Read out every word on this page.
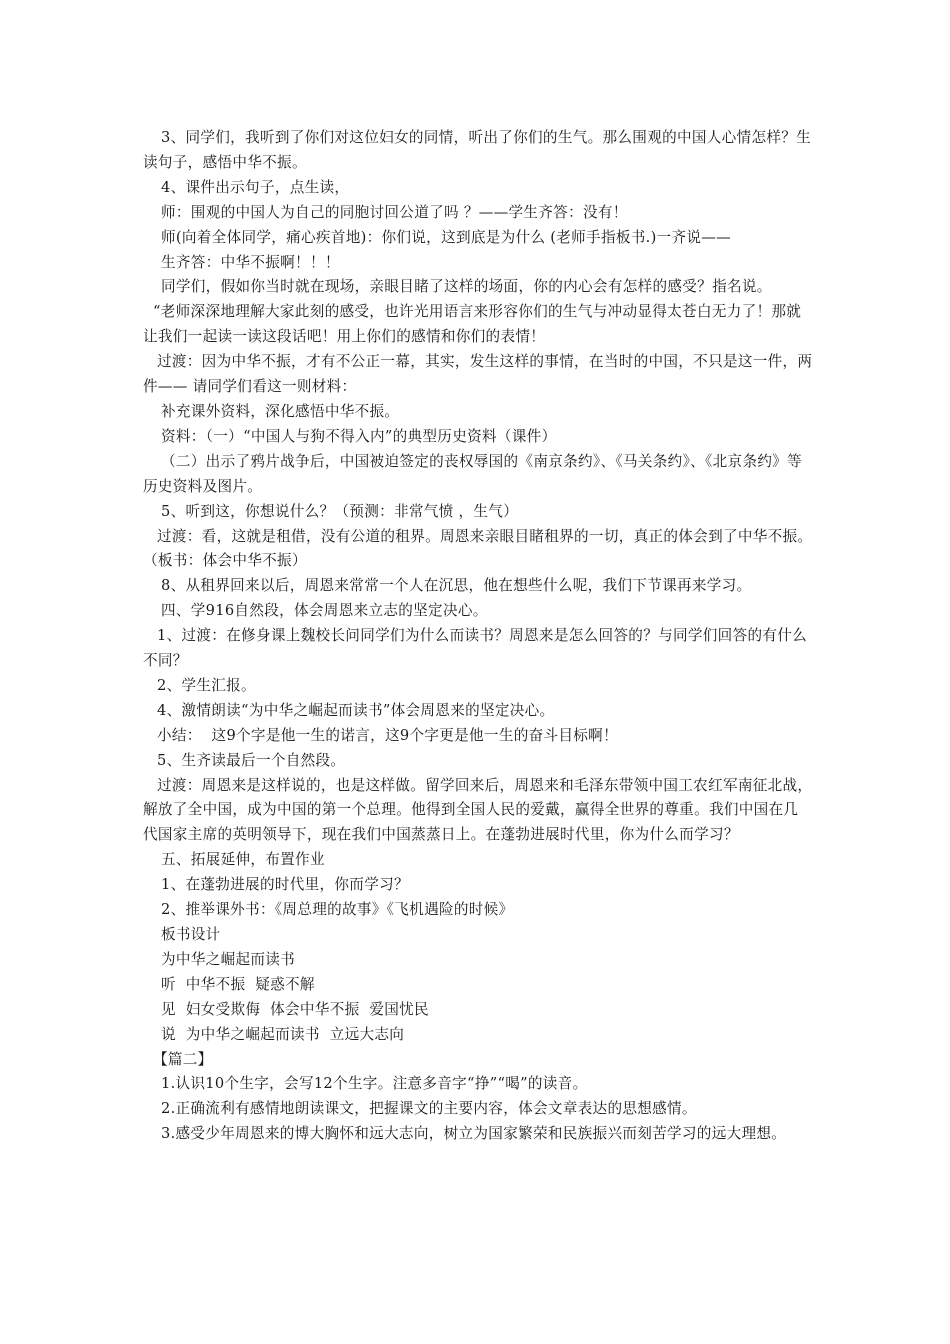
3、同学们，我听到了你们对这位妇女的同情，听出了你们的生气。那么围观的中国人心情怎样？生读句子，感悟中华不振。

4、课件出示句子，点生读，

师：围观的中国人为自己的同胞讨回公道了吗 ？——学生齐答：没有！

师(向着全体同学，痛心疾首地)：你们说，这到底是为什么 (老师手指板书.)一齐说——

生齐答：中华不振啊！！！

同学们，假如你当时就在现场，亲眼目睹了这样的场面，你的内心会有怎样的感受？指名说。

“老师深深地理解大家此刻的感受，也许光用语言来形容你们的生气与冲动显得太苍白无力了！那就让我们一起读一读这段话吧！用上你们的感情和你们的表情！

过渡：因为中华不振，才有不公正一幕，其实，发生这样的事情，在当时的中国，不只是这一件，两件—— 请同学们看这一则材料：

补充课外资料，深化感悟中华不振。

资料：（一）“中国人与狗不得入内”的典型历史资料（课件）

（二）出示了鸦片战争后，中国被迫签定的丧权辱国的《南京条约》、《马关条约》、《北京条约》等历史资料及图片。

5、听到这，你想说什么？（预测：非常气愤 ，生气）

过渡：看，这就是租借，没有公道的租界。周恩来亲眼目睹租界的一切，真正的体会到了中华不振。（板书：体会中华不振）

8、从租界回来以后，周恩来常常一个人在沉思，他在想些什么呢，我们下节课再来学习。

四、学916自然段，体会周恩来立志的坚定决心。

1、过渡：在修身课上魏校长问同学们为什么而读书？周恩来是怎么回答的？与同学们回答的有什么不同？

2、学生汇报。

4、激情朗读“为中华之崛起而读书”体会周恩来的坚定决心。

小结：  这9个字是他一生的诺言，这9个字更是他一生的奋斗目标啊！

5、生齐读最后一个自然段。

过渡：周恩来是这样说的，也是这样做。留学回来后，周恩来和毛泽东带领中国工农红军南征北战，解放了全中国，成为中国的第一个总理。他得到全国人民的爱戴，赢得全世界的尊重。我们中国在几代国家主席的英明领导下，现在我们中国蒸蒸日上。在蓬勃进展时代里，你为什么而学习？

五、拓展延伸，布置作业

1、在蓬勃进展的时代里，你而学习？

2、推举课外书：《周总理的故事》《飞机遇险的时候》

板书设计

为中华之崛起而读书

听  中华不振  疑惑不解

见  妇女受欺侮  体会中华不振  爱国忧民

说  为中华之崛起而读书  立远大志向

【篇二】

1.认识10个生字，会写12个生字。注意多音字“挣”“喝”的读音。

2.正确流利有感情地朗读课文，把握课文的主要内容，体会文章表达的思想感情。

3.感受少年周恩来的博大胸怀和远大志向，树立为国家繁荣和民族振兴而刻苦学习的远大理想。
